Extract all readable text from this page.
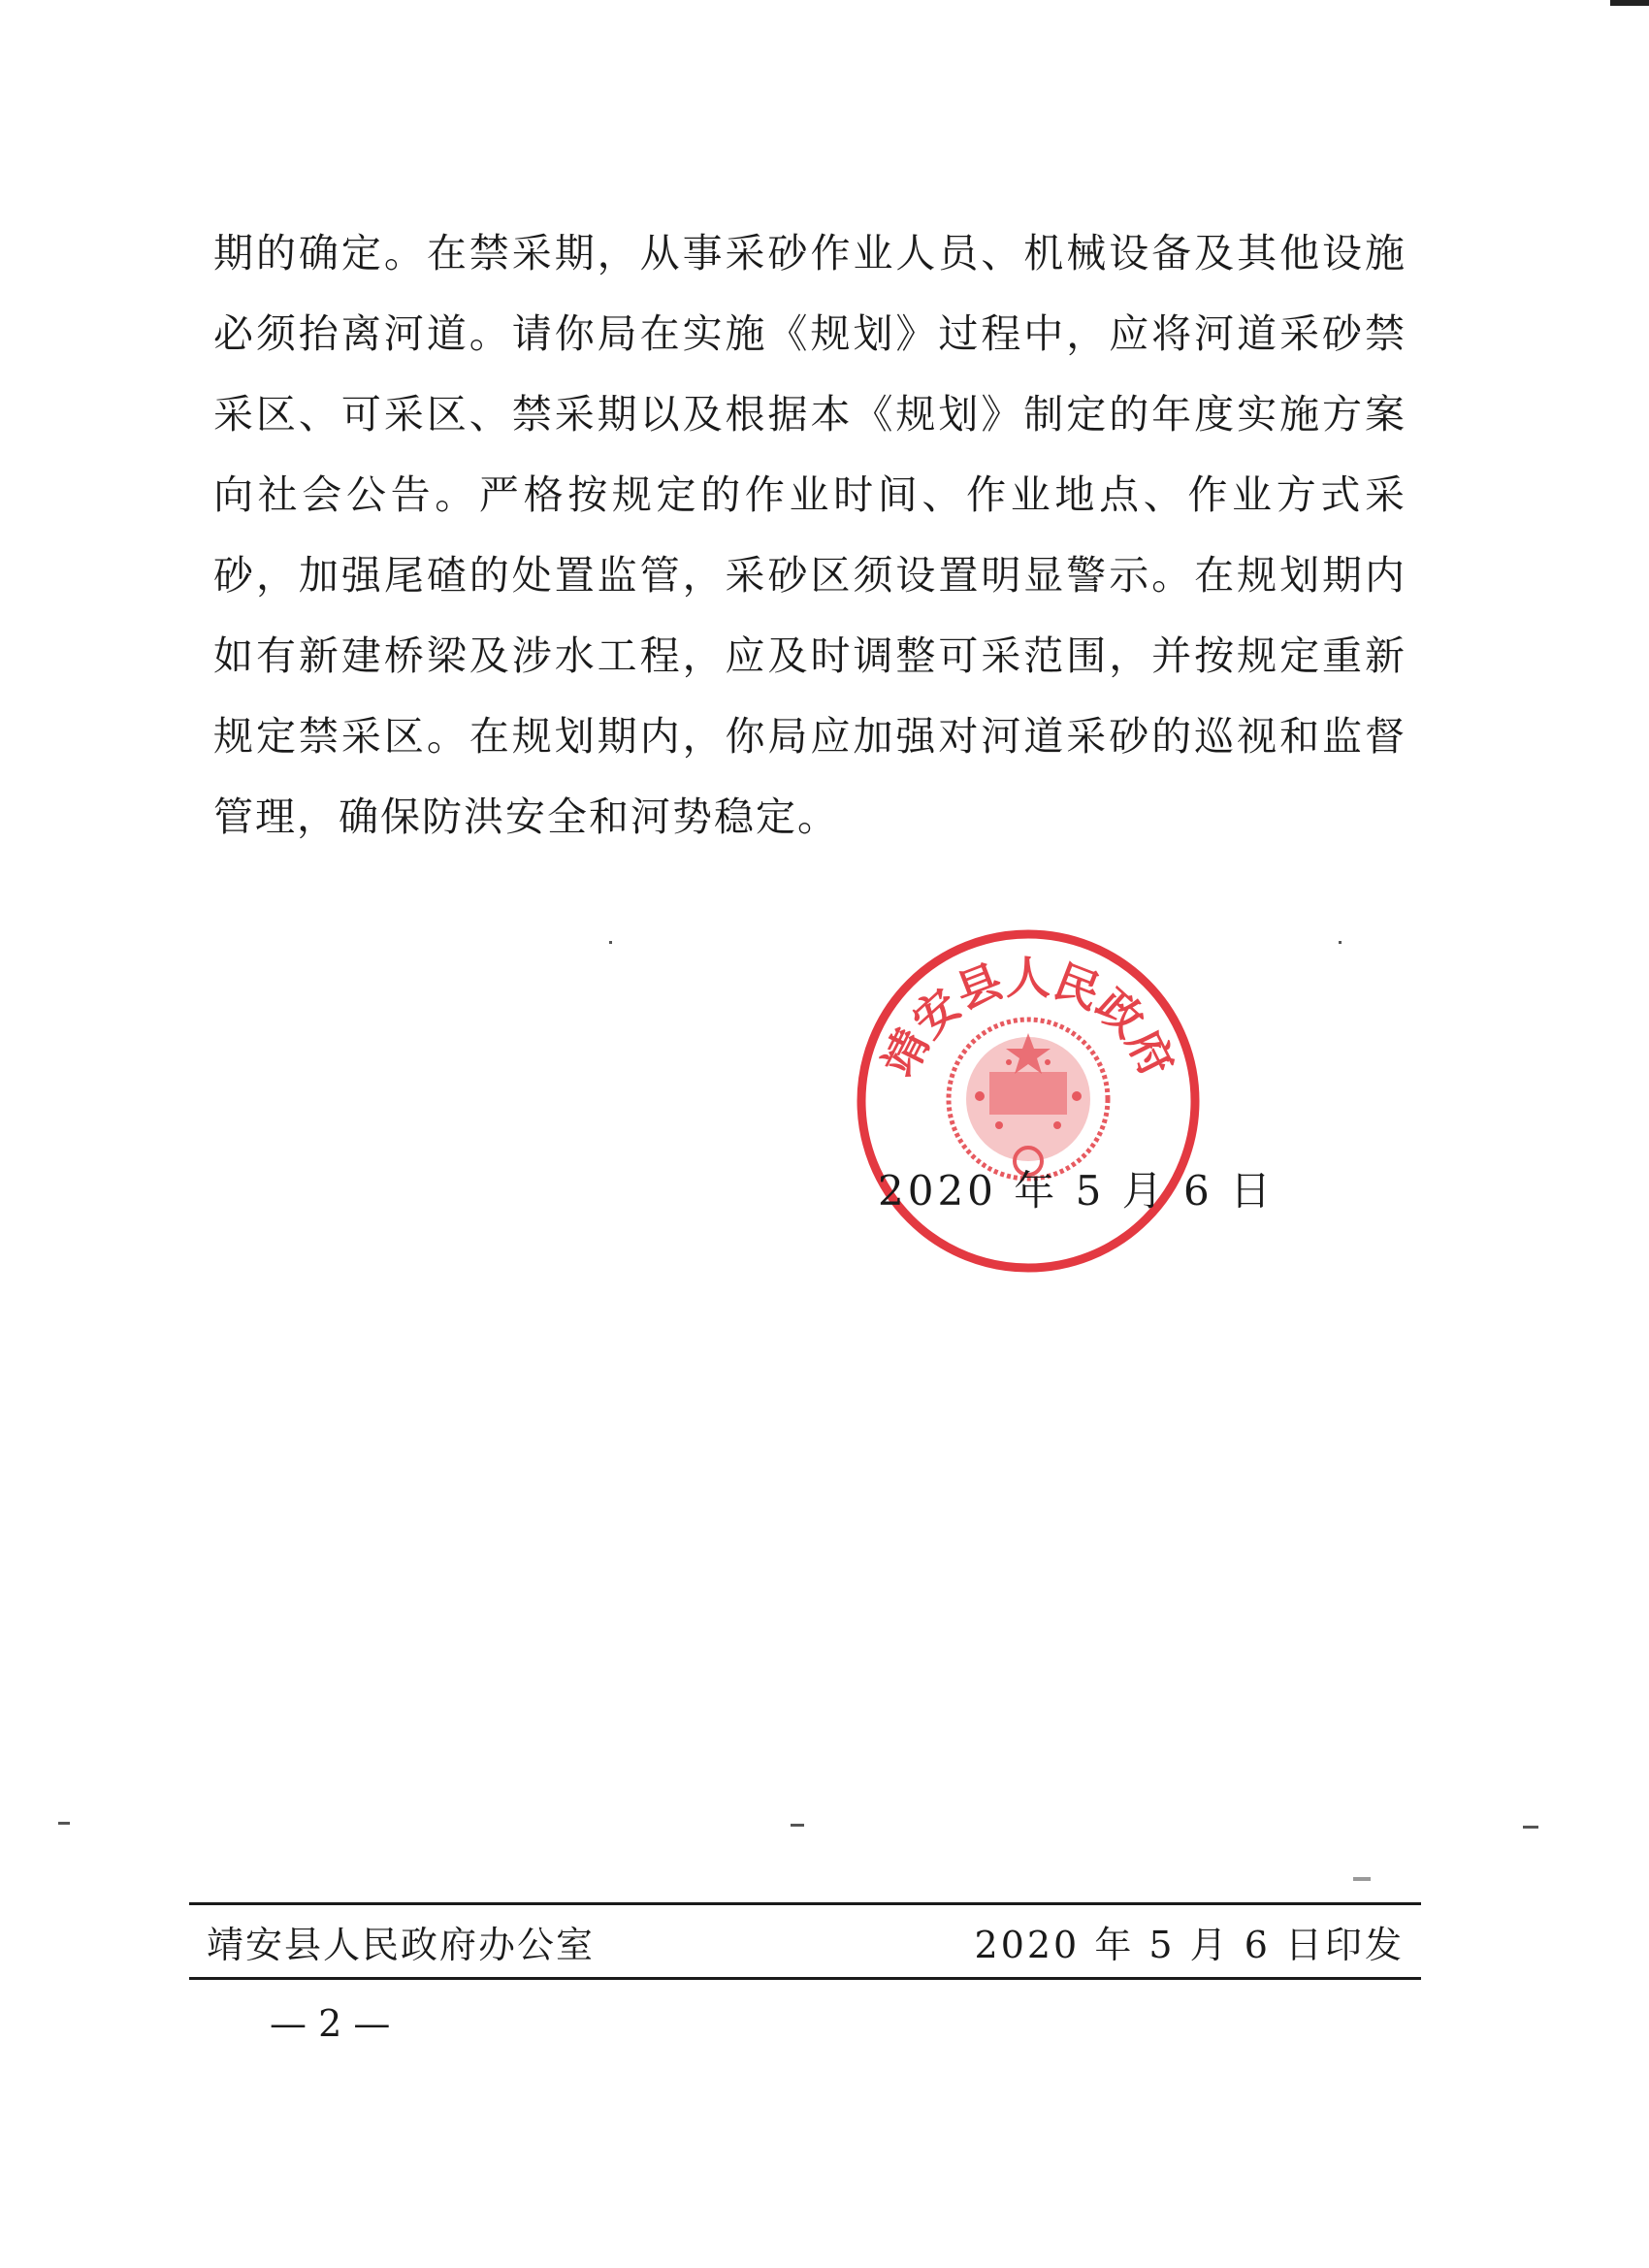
期的确定。在禁采期，从事采砂作业人员、机械设备及其他设施必须抬离河道。请你局在实施《规划》过程中，应将河道采砂禁采区、可采区、禁采期以及根据本《规划》制定的年度实施方案向社会公告。严格按规定的作业时间、作业地点、作业方式采砂，加强尾碴的处置监管，采砂区须设置明显警示。在规划期内如有新建桥梁及涉水工程，应及时调整可采范围，并按规定重新规定禁采区。在规划期内，你局应加强对河道采砂的巡视和监督管理，确保防洪安全和河势稳定。

靖安县人民政府
2020 年 5 月 6 日
靖安县人民政府办公室	2020 年 5 月 6 日印发
— 2 —
